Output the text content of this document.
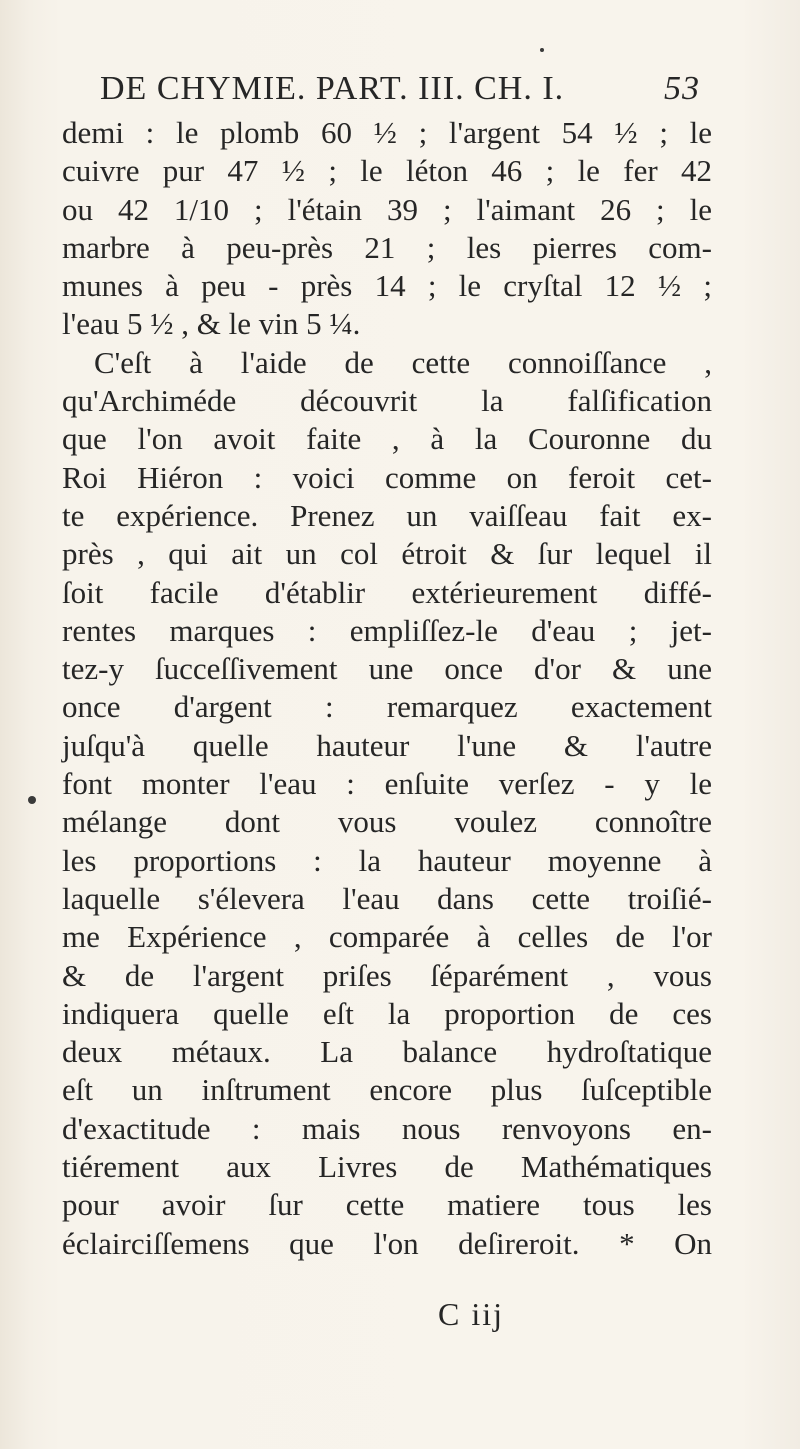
DE CHYMIE. PART. III. CH. I.	53
demi : le plomb 60 ½ ; l'argent 54 ½ ; le
cuivre pur 47 ½ ; le léton 46 ; le fer 42
ou 42 1/10 ; l'étain 39 ; l'aimant 26 ; le
marbre à peu-près 21 ; les pierres com-
munes à peu - près 14 ; le cryſtal 12 ½ ;
l'eau 5 ½ , & le vin 5 ¼.
C'eſt à l'aide de cette connoiſſance ,
qu'Archiméde découvrit la falſification
que l'on avoit faite , à la Couronne du
Roi Hiéron : voici comme on feroit cet-
te expérience. Prenez un vaiſſeau fait ex-
près , qui ait un col étroit & ſur lequel il
ſoit facile d'établir extérieurement diffé-
rentes marques : empliſſez-le d'eau ; jet-
tez-y ſucceſſivement une once d'or & une
once d'argent : remarquez exactement
juſqu'à quelle hauteur l'une & l'autre
font monter l'eau : enſuite verſez - y le
mélange dont vous voulez connoître
les proportions : la hauteur moyenne à
laquelle s'élevera l'eau dans cette troiſié-
me Expérience , comparée à celles de l'or
& de l'argent priſes ſéparément , vous
indiquera quelle eſt la proportion de ces
deux métaux. La balance hydroſtatique
eſt un inſtrument encore plus ſuſceptible
d'exactitude : mais nous renvoyons en-
tiérement aux Livres de Mathématiques
pour avoir ſur cette matiere tous les
éclairciſſemens que l'on deſireroit. * On
C iij
